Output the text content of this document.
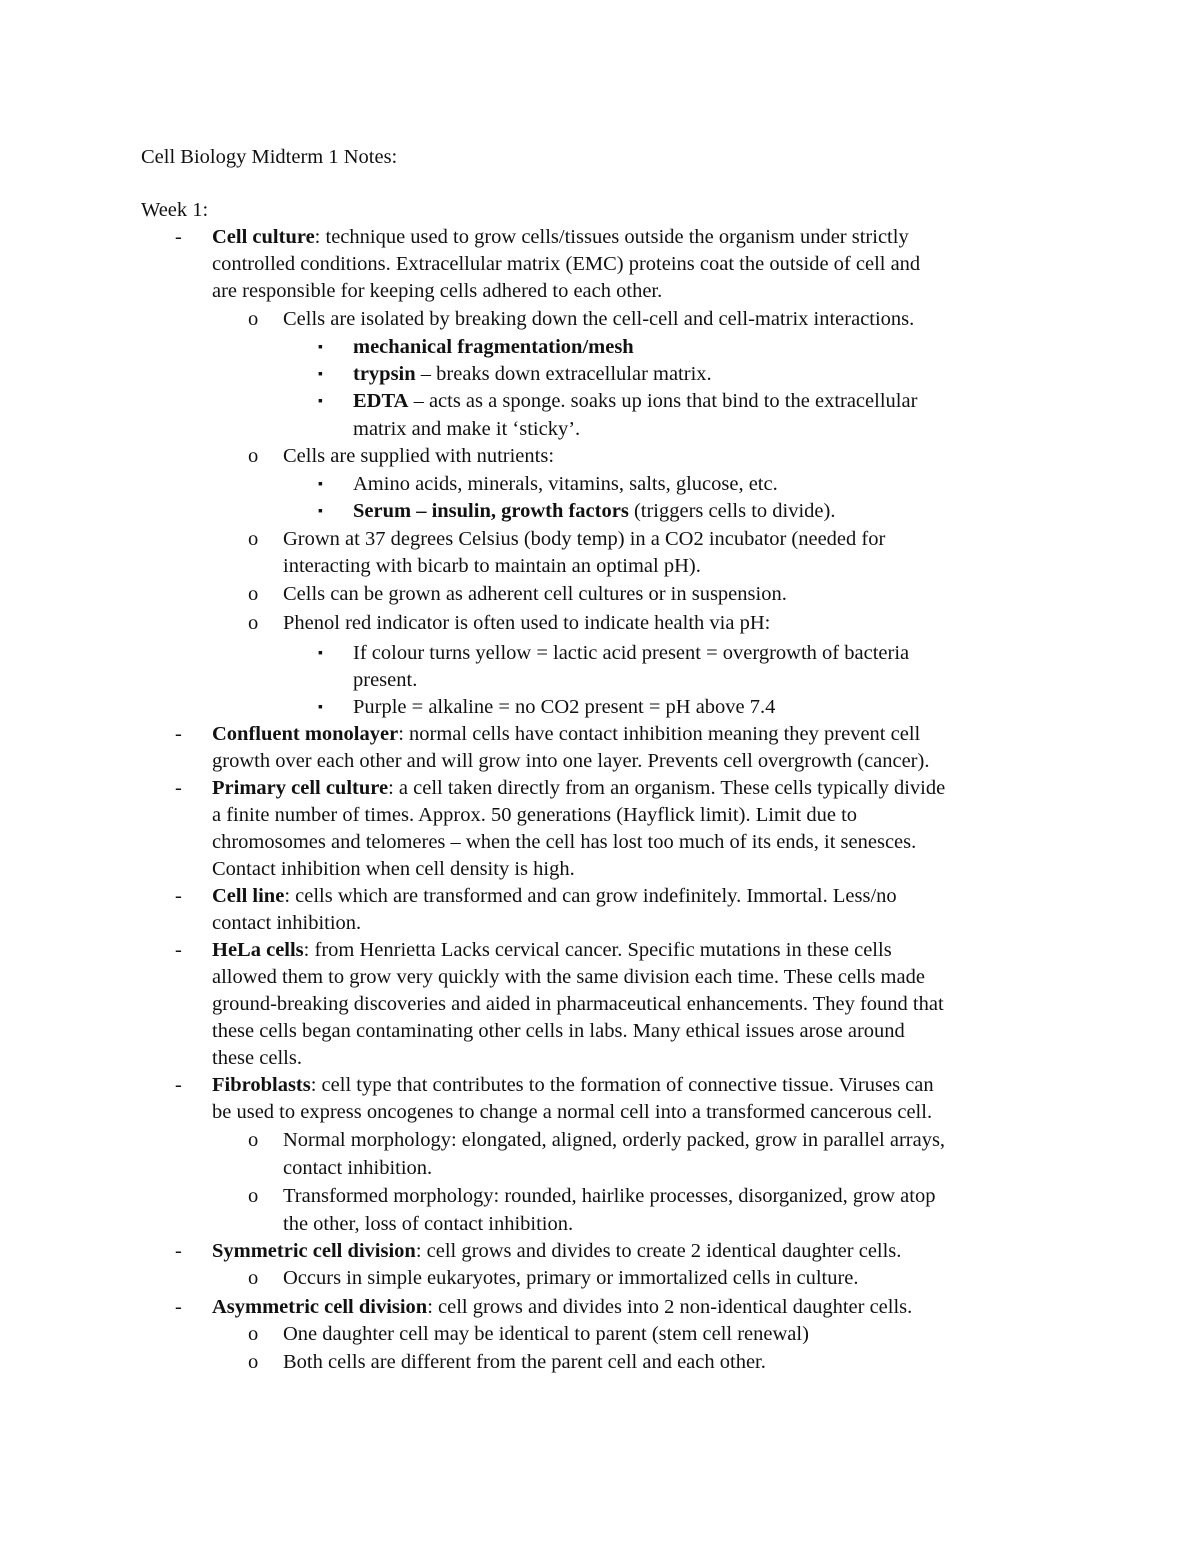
Cell Biology Midterm 1 Notes:
Week 1:
- Cell culture: technique used to grow cells/tissues outside the organism under strictly
controlled conditions. Extracellular matrix (EMC) proteins coat the outside of cell and
are responsible for keeping cells adhered to each other.
o Cells are isolated by breaking down the cell-cell and cell-matrix interactions.
▪ mechanical fragmentation/mesh
▪ trypsin – breaks down extracellular matrix.
▪ EDTA – acts as a sponge. soaks up ions that bind to the extracellular
matrix and make it ‘sticky’.
o Cells are supplied with nutrients:
▪ Amino acids, minerals, vitamins, salts, glucose, etc.
▪ Serum – insulin, growth factors (triggers cells to divide).
o Grown at 37 degrees Celsius (body temp) in a CO2 incubator (needed for
interacting with bicarb to maintain an optimal pH).
o Cells can be grown as adherent cell cultures or in suspension.
o Phenol red indicator is often used to indicate health via pH:
▪ If colour turns yellow = lactic acid present = overgrowth of bacteria
present.
▪ Purple = alkaline = no CO2 present = pH above 7.4
- Confluent monolayer: normal cells have contact inhibition meaning they prevent cell
growth over each other and will grow into one layer. Prevents cell overgrowth (cancer).
- Primary cell culture: a cell taken directly from an organism. These cells typically divide
a finite number of times. Approx. 50 generations (Hayflick limit). Limit due to
chromosomes and telomeres – when the cell has lost too much of its ends, it senesces.
Contact inhibition when cell density is high.
- Cell line: cells which are transformed and can grow indefinitely. Immortal. Less/no
contact inhibition.
- HeLa cells: from Henrietta Lacks cervical cancer. Specific mutations in these cells
allowed them to grow very quickly with the same division each time. These cells made
ground-breaking discoveries and aided in pharmaceutical enhancements. They found that
these cells began contaminating other cells in labs. Many ethical issues arose around
these cells.
- Fibroblasts: cell type that contributes to the formation of connective tissue. Viruses can
be used to express oncogenes to change a normal cell into a transformed cancerous cell.
o Normal morphology: elongated, aligned, orderly packed, grow in parallel arrays,
contact inhibition.
o Transformed morphology: rounded, hairlike processes, disorganized, grow atop
the other, loss of contact inhibition.
- Symmetric cell division: cell grows and divides to create 2 identical daughter cells.
o Occurs in simple eukaryotes, primary or immortalized cells in culture.
- Asymmetric cell division: cell grows and divides into 2 non-identical daughter cells.
o One daughter cell may be identical to parent (stem cell renewal)
o Both cells are different from the parent cell and each other.
